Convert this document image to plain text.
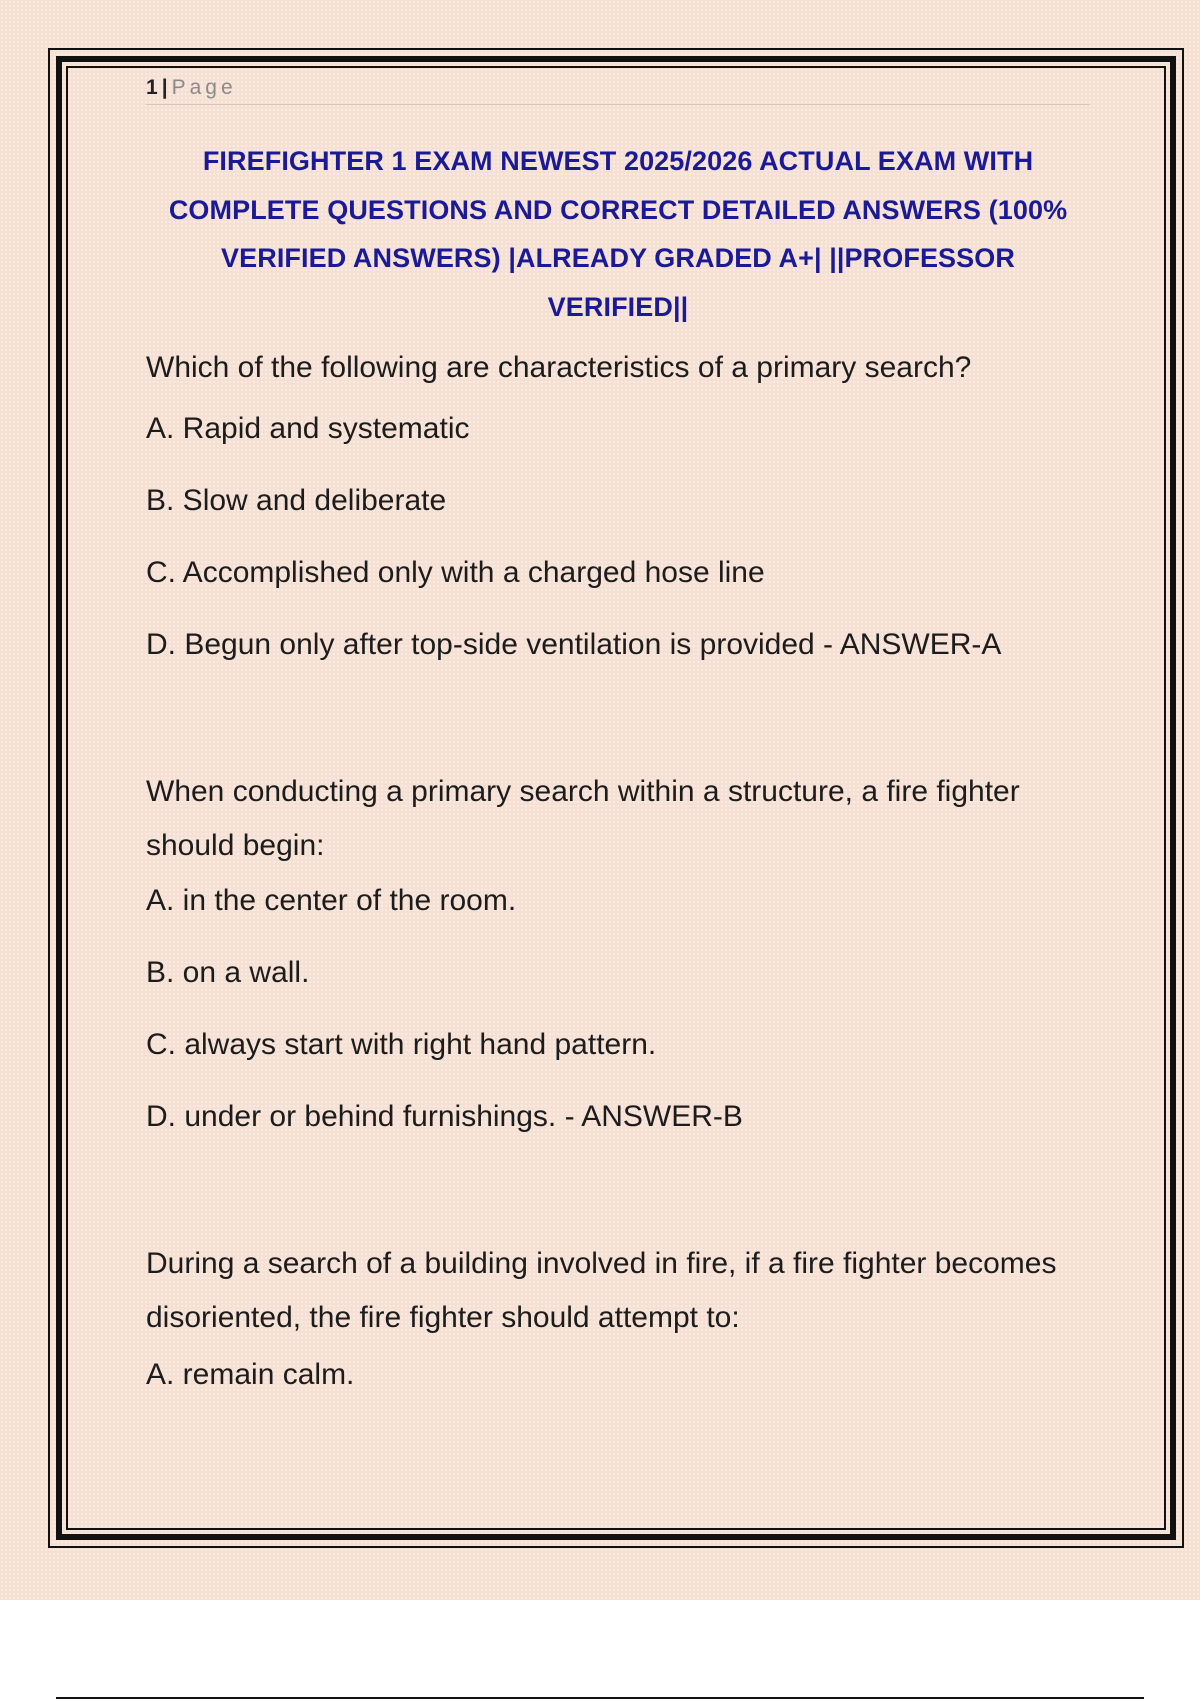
1 | Page
FIREFIGHTER 1 EXAM NEWEST 2025/2026 ACTUAL EXAM WITH
COMPLETE QUESTIONS AND CORRECT DETAILED ANSWERS (100%
VERIFIED ANSWERS) |ALREADY GRADED A+| ||PROFESSOR
VERIFIED||

Which of the following are characteristics of a primary search?

A. Rapid and systematic

B. Slow and deliberate

C. Accomplished only with a charged hose line

D. Begun only after top-side ventilation is provided - ANSWER-A

When conducting a primary search within a structure, a fire fighter should begin:

A. in the center of the room.

B. on a wall.

C. always start with right hand pattern.

D. under or behind furnishings. - ANSWER-B

During a search of a building involved in fire, if a fire fighter becomes disoriented, the fire fighter should attempt to:

A. remain calm.
